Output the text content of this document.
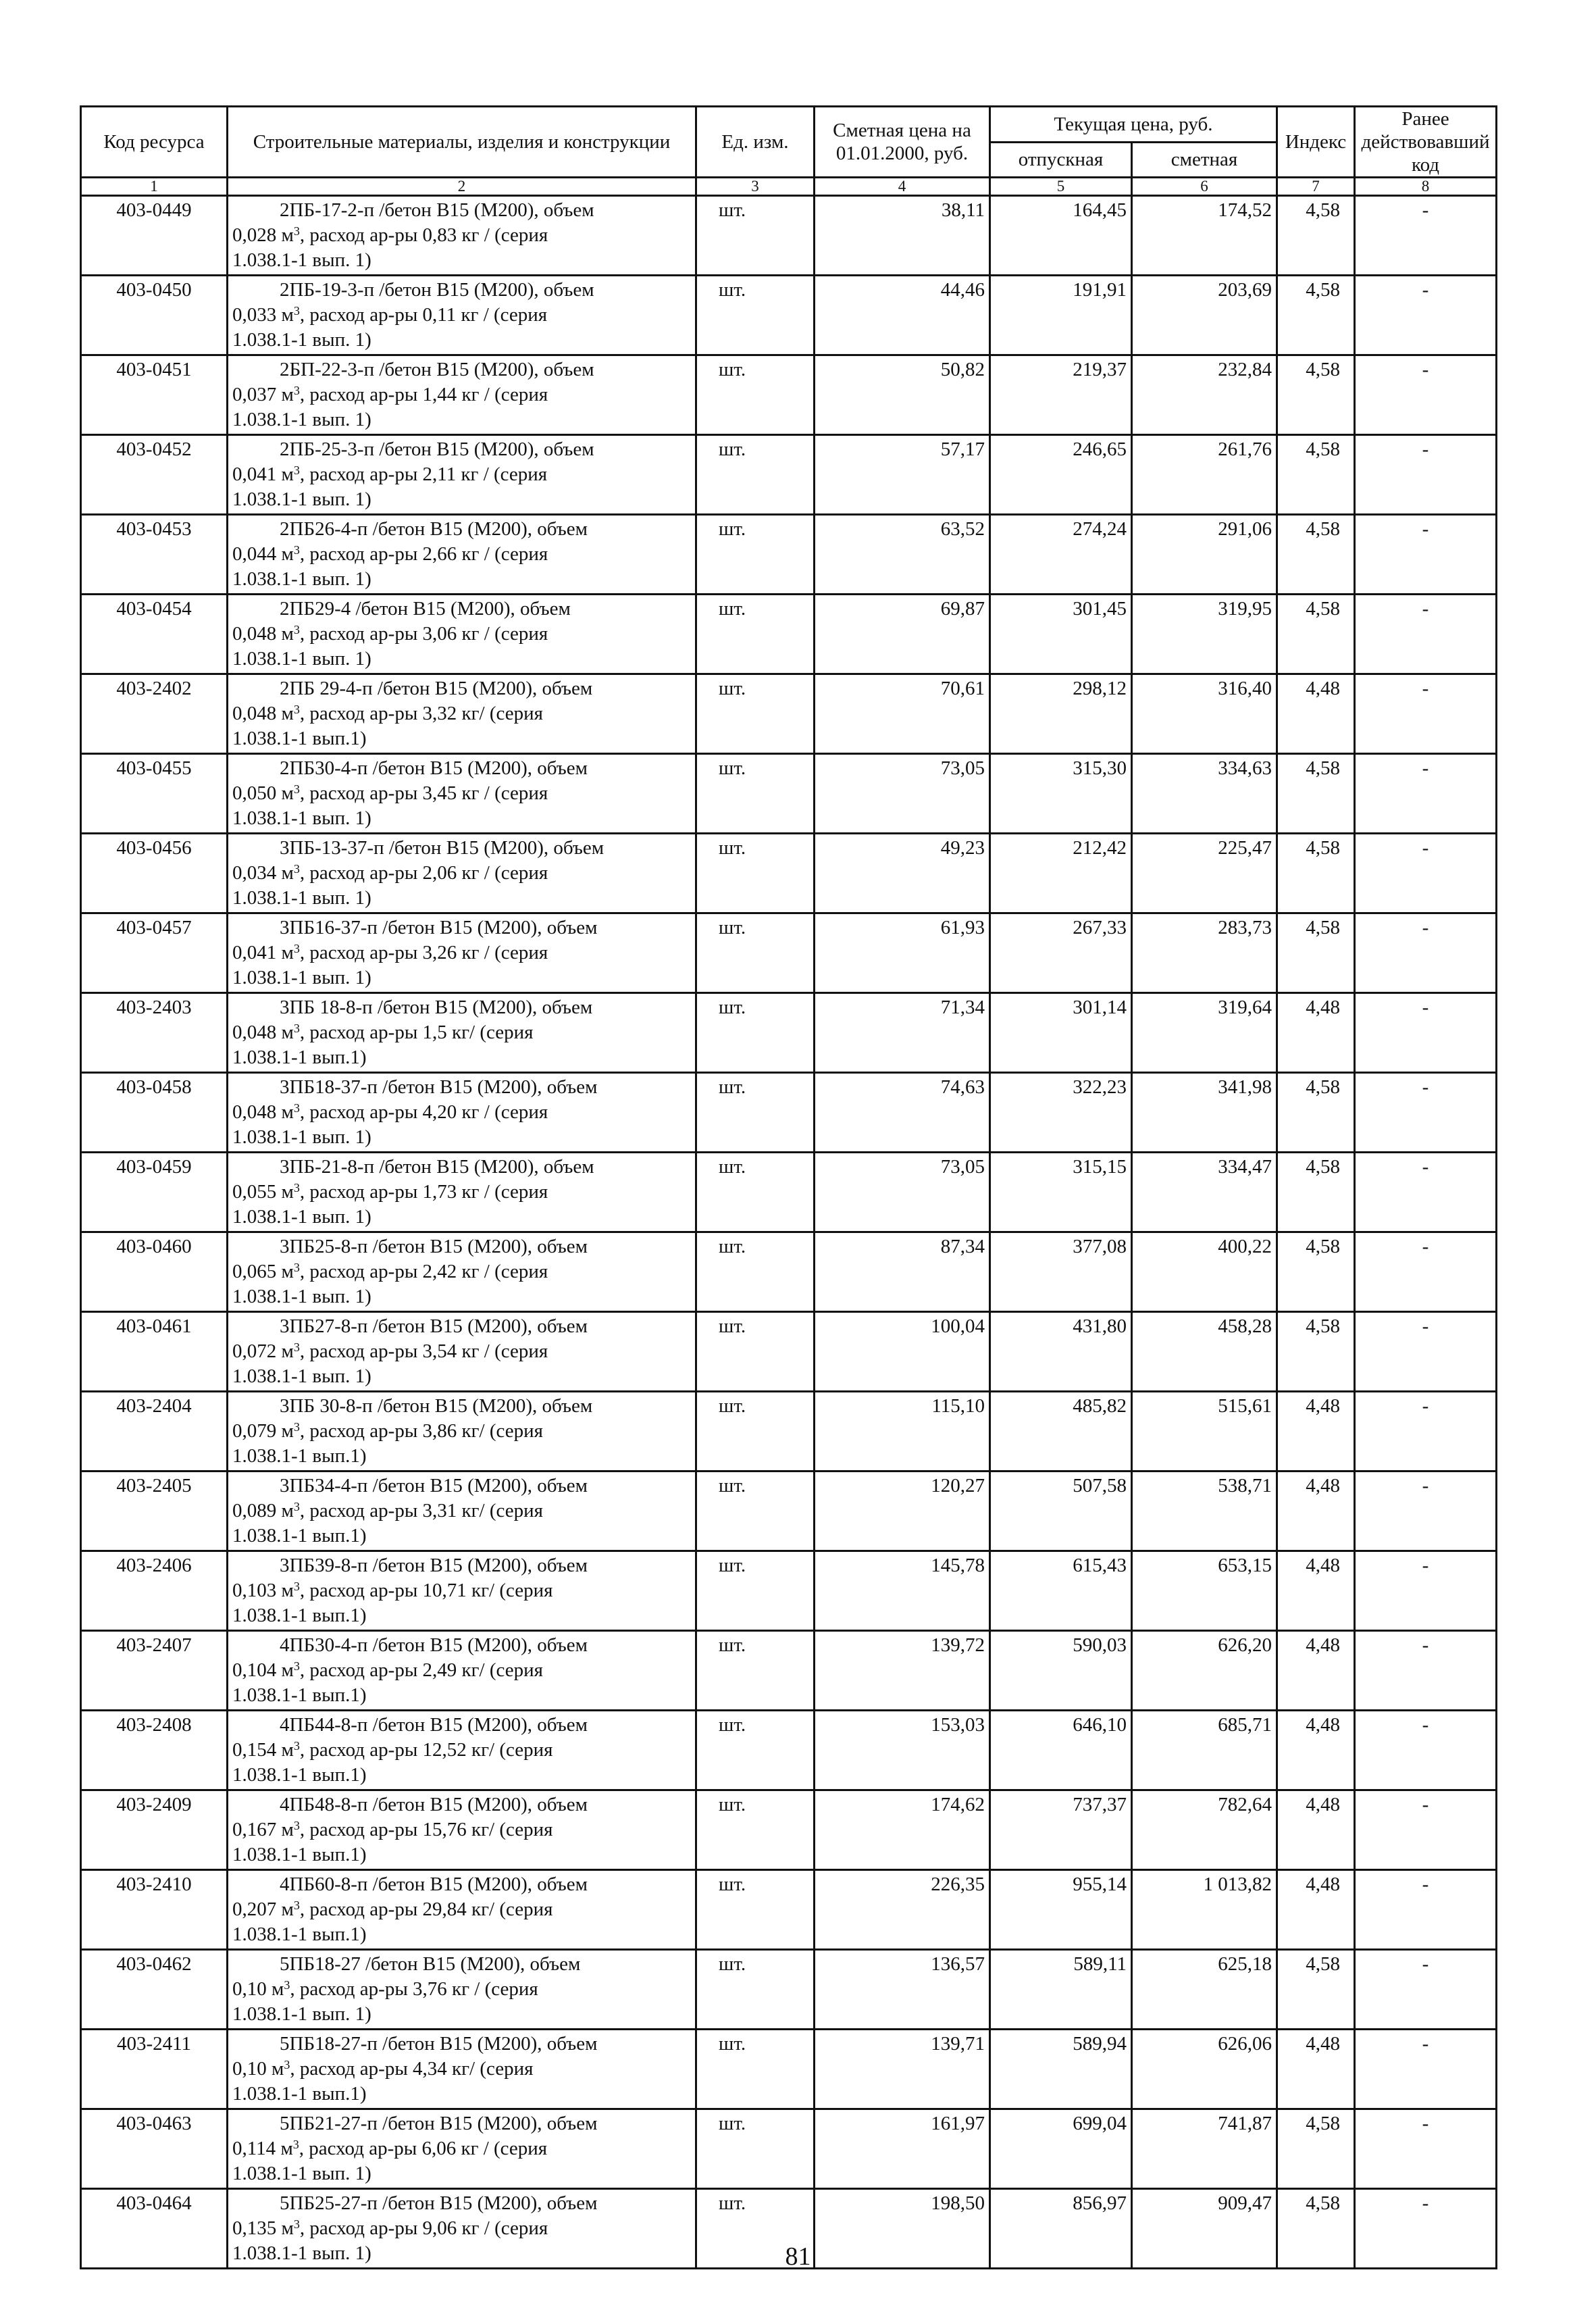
Код ресурса	Строительные материалы, изделия и конструкции	Ед. изм.	Сметная цена на 01.01.2000, руб.	Текущая цена, руб.		Индекс	Ранее действовавший код
				отпускная	сметная		
1	2	3	4	5	6	7	8
403-0449	2ПБ-17-2-п /бетон В15 (М200), объем
0,028 $м^3$, расход ар-ры 0,83 кг / (серия
1.038.1-1 вып. 1)	шт.	38,11	164,45	174,52	4,58	-
403-0450	2ПБ-19-3-п /бетон В15 (М200), объем
0,033 $м^3$, расход ар-ры 0,11 кг / (серия
1.038.1-1 вып. 1)	шт.	44,46	191,91	203,69	4,58	-
403-0451	2БП-22-3-п /бетон В15 (М200), объем
0,037 $м^3$, расход ар-ры 1,44 кг / (серия
1.038.1-1 вып. 1)	шт.	50,82	219,37	232,84	4,58	-
403-0452	2ПБ-25-3-п /бетон В15 (М200), объем
0,041 $м^3$, расход ар-ры 2,11 кг / (серия
1.038.1-1 вып. 1)	шт.	57,17	246,65	261,76	4,58	-
403-0453	2ПБ26-4-п /бетон В15 (М200), объем
0,044 $м^3$, расход ар-ры 2,66 кг / (серия
1.038.1-1 вып. 1)	шт.	63,52	274,24	291,06	4,58	-
403-0454	2ПБ29-4 /бетон В15 (М200), объем
0,048 $м^3$, расход ар-ры 3,06 кг / (серия
1.038.1-1 вып. 1)	шт.	69,87	301,45	319,95	4,58	-
403-2402	2ПБ 29-4-п /бетон В15 (М200), объем
0,048 $м^3$, расход ар-ры 3,32 кг/ (серия
1.038.1-1 вып.1)	шт.	70,61	298,12	316,40	4,48	-
403-0455	2ПБ30-4-п /бетон В15 (М200), объем
0,050 $м^3$, расход ар-ры 3,45 кг / (серия
1.038.1-1 вып. 1)	шт.	73,05	315,30	334,63	4,58	-
403-0456	3ПБ-13-37-п /бетон В15 (М200), объем
0,034 $м^3$, расход ар-ры 2,06 кг / (серия
1.038.1-1 вып. 1)	шт.	49,23	212,42	225,47	4,58	-
403-0457	3ПБ16-37-п /бетон В15 (М200), объем
0,041 $м^3$, расход ар-ры 3,26 кг / (серия
1.038.1-1 вып. 1)	шт.	61,93	267,33	283,73	4,58	-
403-2403	3ПБ 18-8-п /бетон В15 (М200), объем
0,048 $м^3$, расход ар-ры 1,5 кг/ (серия
1.038.1-1 вып.1)	шт.	71,34	301,14	319,64	4,48	-
403-0458	3ПБ18-37-п /бетон В15 (М200), объем
0,048 $м^3$, расход ар-ры 4,20 кг / (серия
1.038.1-1 вып. 1)	шт.	74,63	322,23	341,98	4,58	-
403-0459	3ПБ-21-8-п /бетон В15 (М200), объем
0,055 $м^3$, расход ар-ры 1,73 кг / (серия
1.038.1-1 вып. 1)	шт.	73,05	315,15	334,47	4,58	-
403-0460	3ПБ25-8-п /бетон В15 (М200), объем
0,065 $м^3$, расход ар-ры 2,42 кг / (серия
1.038.1-1 вып. 1)	шт.	87,34	377,08	400,22	4,58	-
403-0461	3ПБ27-8-п /бетон В15 (М200), объем
0,072 $м^3$, расход ар-ры 3,54 кг / (серия
1.038.1-1 вып. 1)	шт.	100,04	431,80	458,28	4,58	-
403-2404	3ПБ 30-8-п /бетон В15 (М200), объем
0,079 $м^3$, расход ар-ры 3,86 кг/ (серия
1.038.1-1 вып.1)	шт.	115,10	485,82	515,61	4,48	-
403-2405	3ПБ34-4-п /бетон В15 (М200), объем
0,089 $м^3$, расход ар-ры 3,31 кг/ (серия
1.038.1-1 вып.1)	шт.	120,27	507,58	538,71	4,48	-
403-2406	3ПБ39-8-п /бетон В15 (М200), объем
0,103 $м^3$, расход ар-ры 10,71 кг/ (серия
1.038.1-1 вып.1)	шт.	145,78	615,43	653,15	4,48	-
403-2407	4ПБ30-4-п /бетон В15 (М200), объем
0,104 $м^3$, расход ар-ры 2,49 кг/ (серия
1.038.1-1 вып.1)	шт.	139,72	590,03	626,20	4,48	-
403-2408	4ПБ44-8-п /бетон В15 (М200), объем
0,154 $м^3$, расход ар-ры 12,52 кг/ (серия
1.038.1-1 вып.1)	шт.	153,03	646,10	685,71	4,48	-
403-2409	4ПБ48-8-п /бетон В15 (М200), объем
0,167 $м^3$, расход ар-ры 15,76 кг/ (серия
1.038.1-1 вып.1)	шт.	174,62	737,37	782,64	4,48	-
403-2410	4ПБ60-8-п /бетон В15 (М200), объем
0,207 $м^3$, расход ар-ры 29,84 кг/ (серия
1.038.1-1 вып.1)	шт.	226,35	955,14	1 013,82	4,48	-
403-0462	5ПБ18-27 /бетон В15 (М200), объем
0,10 $м^3$, расход ар-ры 3,76 кг / (серия
1.038.1-1 вып. 1)	шт.	136,57	589,11	625,18	4,58	-
403-2411	5ПБ18-27-п /бетон В15 (М200), объем
0,10 $м^3$, расход ар-ры 4,34 кг/ (серия
1.038.1-1 вып.1)	шт.	139,71	589,94	626,06	4,48	-
403-0463	5ПБ21-27-п /бетон В15 (М200), объем
0,114 $м^3$, расход ар-ры 6,06 кг / (серия
1.038.1-1 вып. 1)	шт.	161,97	699,04	741,87	4,58	-
403-0464	5ПБ25-27-п /бетон В15 (М200), объем
0,135 $м^3$, расход ар-ры 9,06 кг / (серия
1.038.1-1 вып. 1)	шт.	198,50	856,97	909,47	4,58	-
81
